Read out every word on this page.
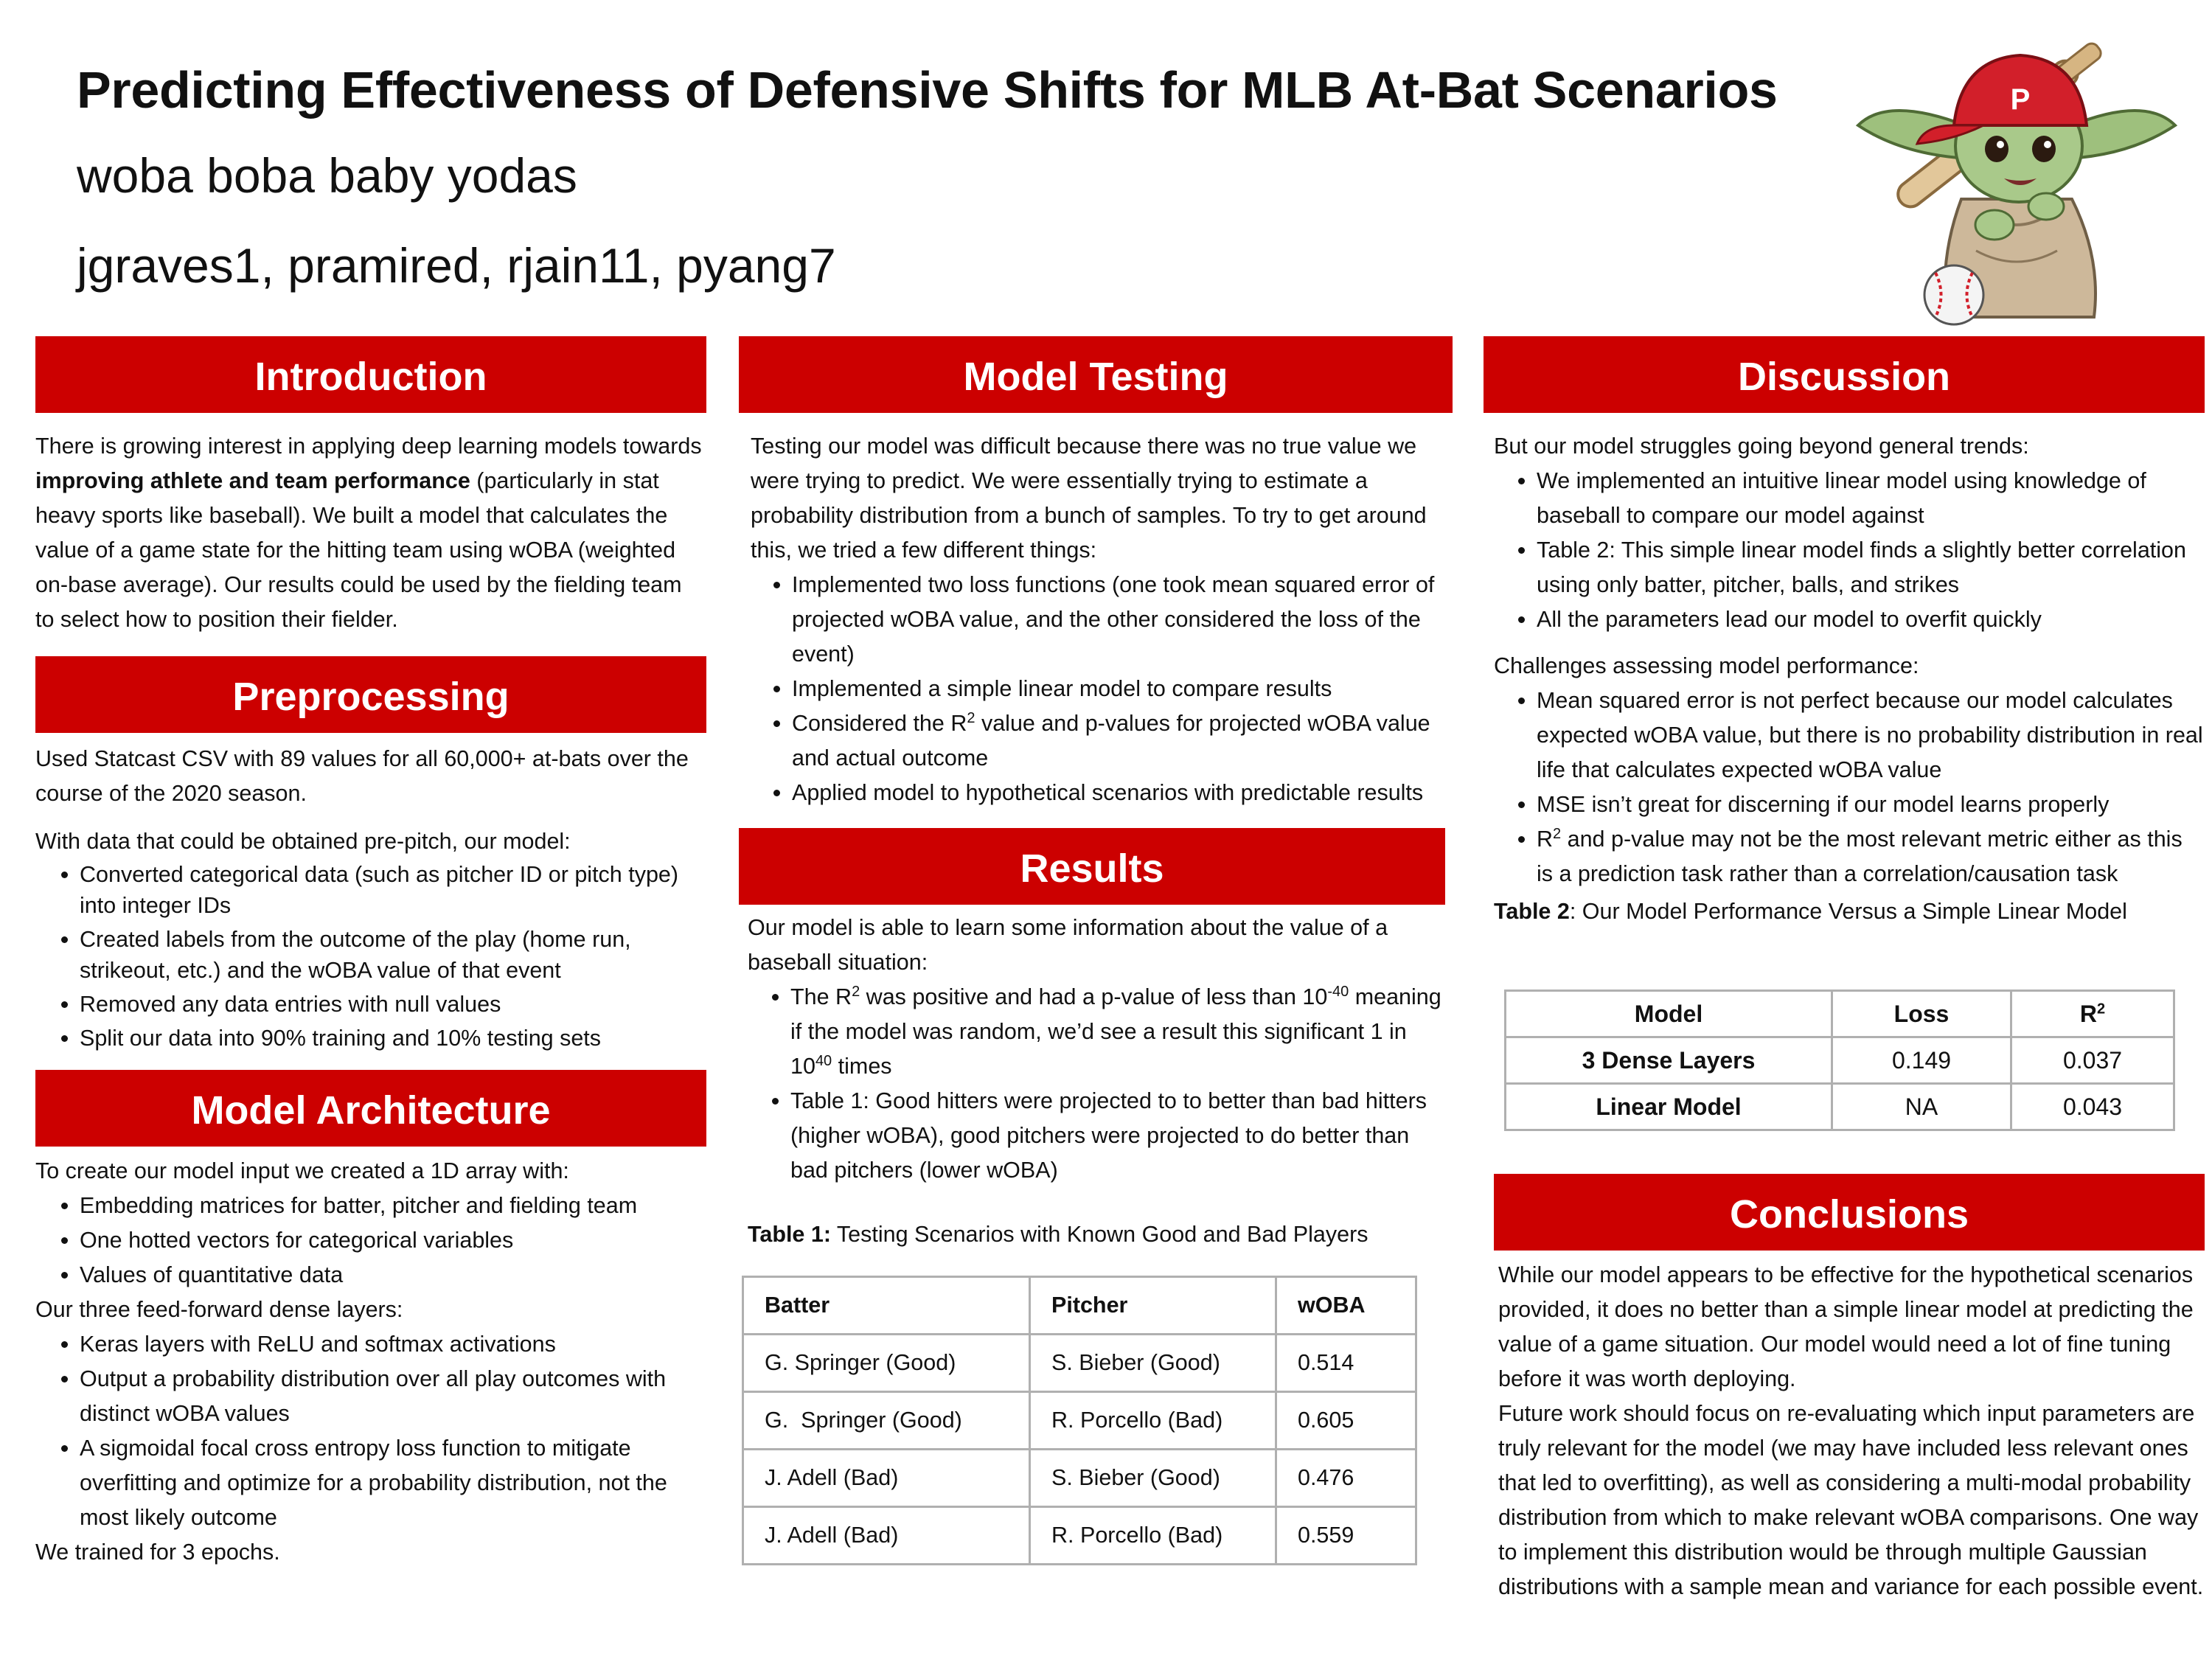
Predicting Effectiveness of Defensive Shifts for MLB At-Bat Scenarios
woba boba baby yodas
jgraves1, pramired, rjain11, pyang7
P
Introduction

There is growing interest in applying deep learning models towards improving athlete and team performance (particularly in stat heavy sports like baseball). We built a model that calculates the value of a game state for the hitting team using wOBA (weighted on-base average). Our results could be used by the fielding team to select how to position their fielder.

Preprocessing

Used Statcast CSV with 89 values for all 60,000+ at-bats over the course of the 2020 season.

With data that could be obtained pre-pitch, our model:

• Converted categorical data (such as pitcher ID or pitch type) into integer IDs
• Created labels from the outcome of the play (home run, strikeout, etc.) and the wOBA value of that event
• Removed any data entries with null values
• Split our data into 90% training and 10% testing sets
Model Architecture

To create our model input we created a 1D array with:

• Embedding matrices for batter, pitcher and fielding team
• One hotted vectors for categorical variables
• Values of quantitative data

Our three feed-forward dense layers:

• Keras layers with ReLU and softmax activations
• Output a probability distribution over all play outcomes with distinct wOBA values
• A sigmoidal focal cross entropy loss function to mitigate overfitting and optimize for a probability distribution, not the most likely outcome

We trained for 3 epochs.

Model Testing

Testing our model was difficult because there was no true value we were trying to predict. We were essentially trying to estimate a probability distribution from a bunch of samples. To try to get around this, we tried a few different things:

• Implemented two loss functions (one took mean squared error of projected wOBA value, and the other considered the loss of the event)
• Implemented a simple linear model to compare results
• Considered the $R^2$ value and p-values for projected wOBA value and actual outcome
• Applied model to hypothetical scenarios with predictable results
Results

Our model is able to learn some information about the value of a baseball situation:

• The $R^2$ was positive and had a p-value of less than $10^{-40}$ meaning if the model was random, we’d see a result this significant 1 in $10^{40}$ times
• Table 1: Good hitters were projected to to better than bad hitters (higher wOBA), good pitchers were projected to do better than bad pitchers (lower wOBA)

Table 1: Testing Scenarios with Known Good and Bad Players

Batter	Pitcher	wOBA
G. Springer (Good)	S. Bieber (Good)	0.514
G.  Springer (Good)	R. Porcello (Bad)	0.605
J. Adell (Bad)	S. Bieber (Good)	0.476
J. Adell (Bad)	R. Porcello (Bad)	0.559
Discussion

But our model struggles going beyond general trends:

• We implemented an intuitive linear model using knowledge of baseball to compare our model against
• Table 2: This simple linear model finds a slightly better correlation using only batter, pitcher, balls, and strikes
• All the parameters lead our model to overfit quickly

Challenges assessing model performance:

• Mean squared error is not perfect because our model calculates expected wOBA value, but there is no probability distribution in real life that calculates expected wOBA value
• MSE isn’t great for discerning if our model learns properly
• $R^2$ and p-value may not be the most relevant metric either as this is a prediction task rather than a correlation/causation task

Table 2: Our Model Performance Versus a Simple Linear Model

Model	Loss	$R^2$
3 Dense Layers	0.149	0.037
Linear Model	NA	0.043
Conclusions

While our model appears to be effective for the hypothetical scenarios provided, it does no better than a simple linear model at predicting the value of a game situation. Our model would need a lot of fine tuning before it was worth deploying.

Future work should focus on re-evaluating which input parameters are truly relevant for the model (we may have included less relevant ones that led to overfitting), as well as considering a multi-modal probability distribution from which to make relevant wOBA comparisons. One way to implement this distribution would be through multiple Gaussian distributions with a sample mean and variance for each possible event.
